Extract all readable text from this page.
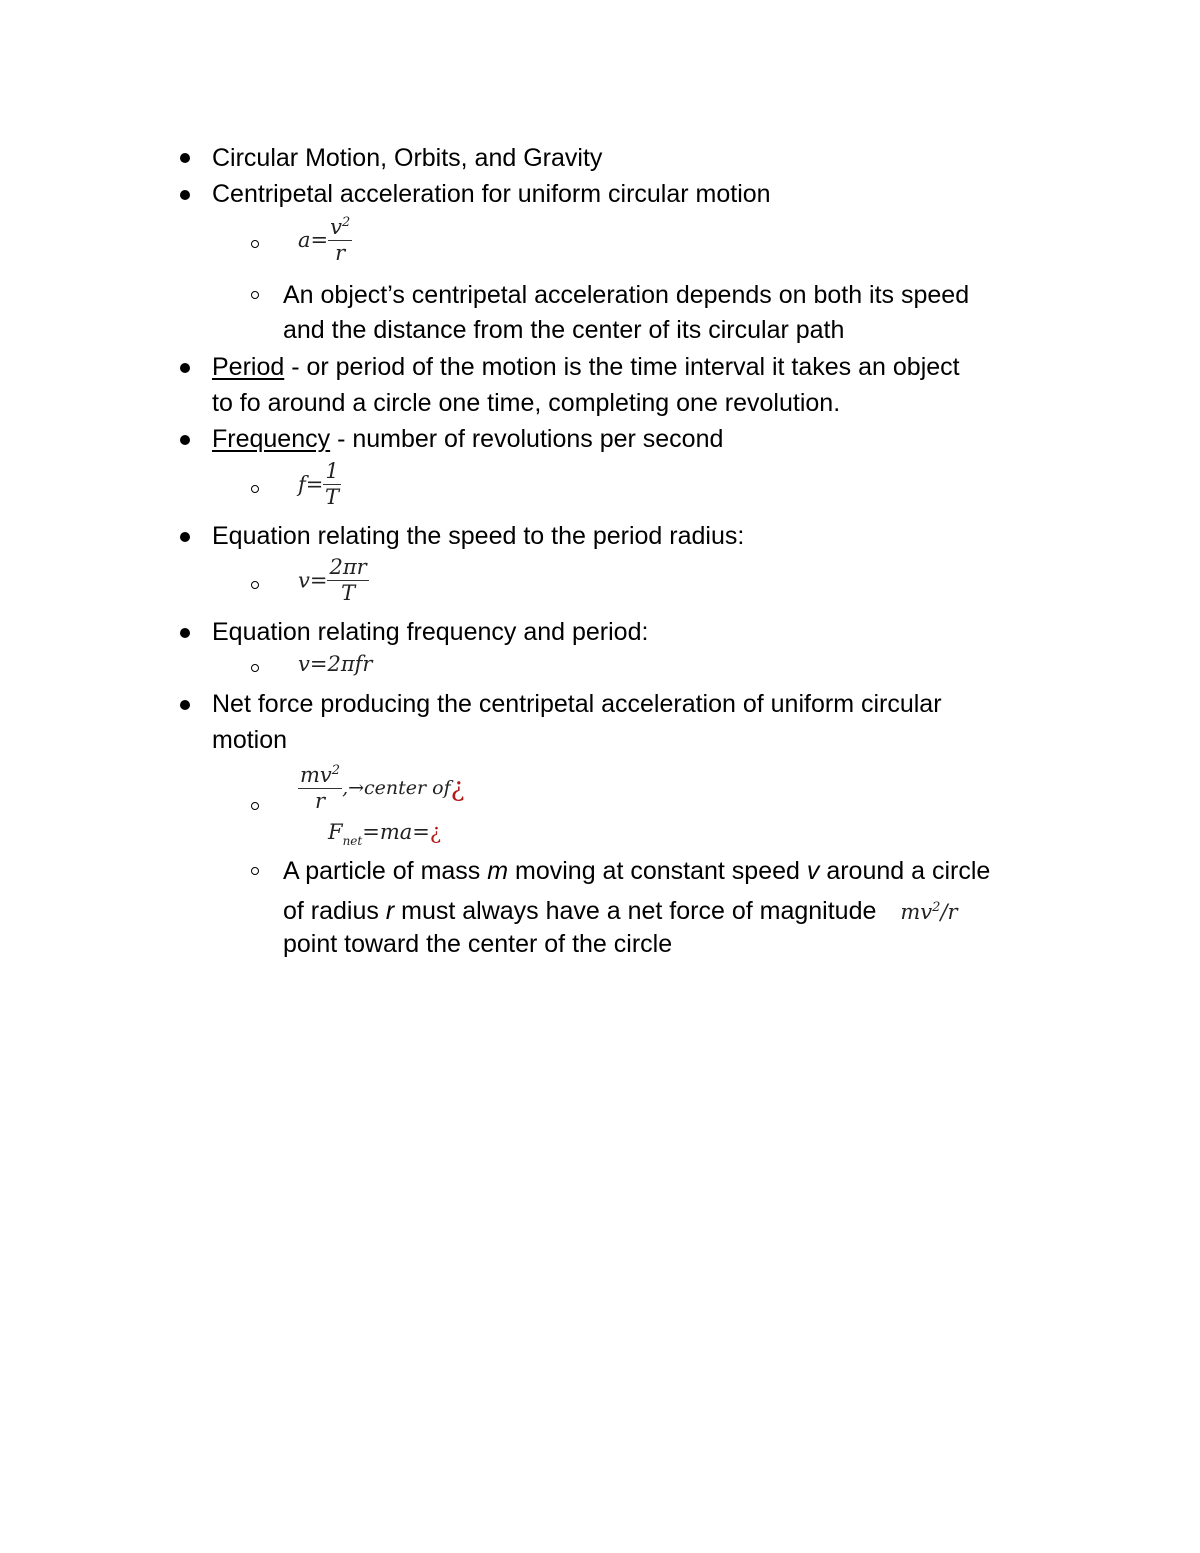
Circular Motion, Orbits, and Gravity
Centripetal acceleration for uniform circular motion
$a= \frac{v^2}{r}$
An object’s centripetal acceleration depends on both its speed
and the distance from the center of its circular path
Period - or period of the motion is the time interval it takes an object
to fo around a circle one time, completing one revolution.
Frequency - number of revolutions per second
$f= \frac{1}{T}$
Equation relating the speed to the period radius:
$v= \frac{2\pi r}{T}$
Equation relating frequency and period:
v=2πfr
Net force producing the centripetal acceleration of uniform circular
motion
$\frac{mv^2}{r}$ ,→center of¿
$F_{net}=ma=¿$
A particle of mass m moving at constant speed v around a circle
of radius r must always have a net force of magnitude $mv^2/r$
point toward the center of the circle
